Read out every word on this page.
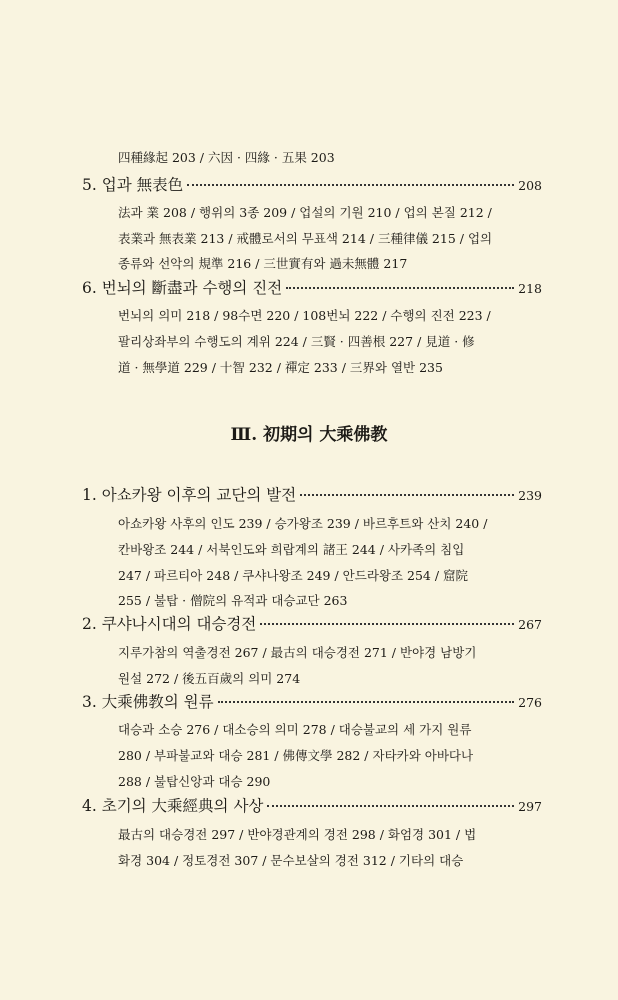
四種緣起 203 / 六因 · 四緣 · 五果 203
5. 업과 無表色	208
法과 業 208 / 행위의 3종 209 / 업설의 기원 210 / 업의 본질 212 /
表業과 無表業 213 / 戒體로서의 무표색 214 / 三種律儀 215 / 업의
종류와 선악의 規準 216 / 三世實有와 過未無體 217
6. 번뇌의 斷盡과 수행의 진전	218
번뇌의 의미 218 / 98수면 220 / 108번뇌 222 / 수행의 진전 223 /
팔리상좌부의 수행도의 계위 224 / 三賢 · 四善根 227 / 見道 · 修
道 · 無學道 229 / 十智 232 / 禪定 233 / 三界와 열반 235
Ⅲ. 初期의 大乘佛教
1. 아쇼카왕 이후의 교단의 발전	239
아쇼카왕 사후의 인도 239 / 승가왕조 239 / 바르후트와 산치 240 /
칸바왕조 244 / 서북인도와 희랍계의 諸王 244 / 사카족의 침입
247 / 파르티아 248 / 쿠샤나왕조 249 / 안드라왕조 254 / 窟院
255 / 불탑 · 僧院의 유적과 대승교단 263
2. 쿠샤나시대의 대승경전	267
지루가참의 역출경전 267 / 最古의 대승경전 271 / 반야경 남방기
원설 272 / 後五百歲의 의미 274
3. 大乘佛教의 원류	276
대승과 소승 276 / 대소승의 의미 278 / 대승불교의 세 가지 원류
280 / 부파불교와 대승 281 / 佛傳文學 282 / 자타카와 아바다나
288 / 불탑신앙과 대승 290
4. 초기의 大乘經典의 사상	297
最古의 대승경전 297 / 반야경관계의 경전 298 / 화엄경 301 / 법
화경 304 / 정토경전 307 / 문수보살의 경전 312 / 기타의 대승
